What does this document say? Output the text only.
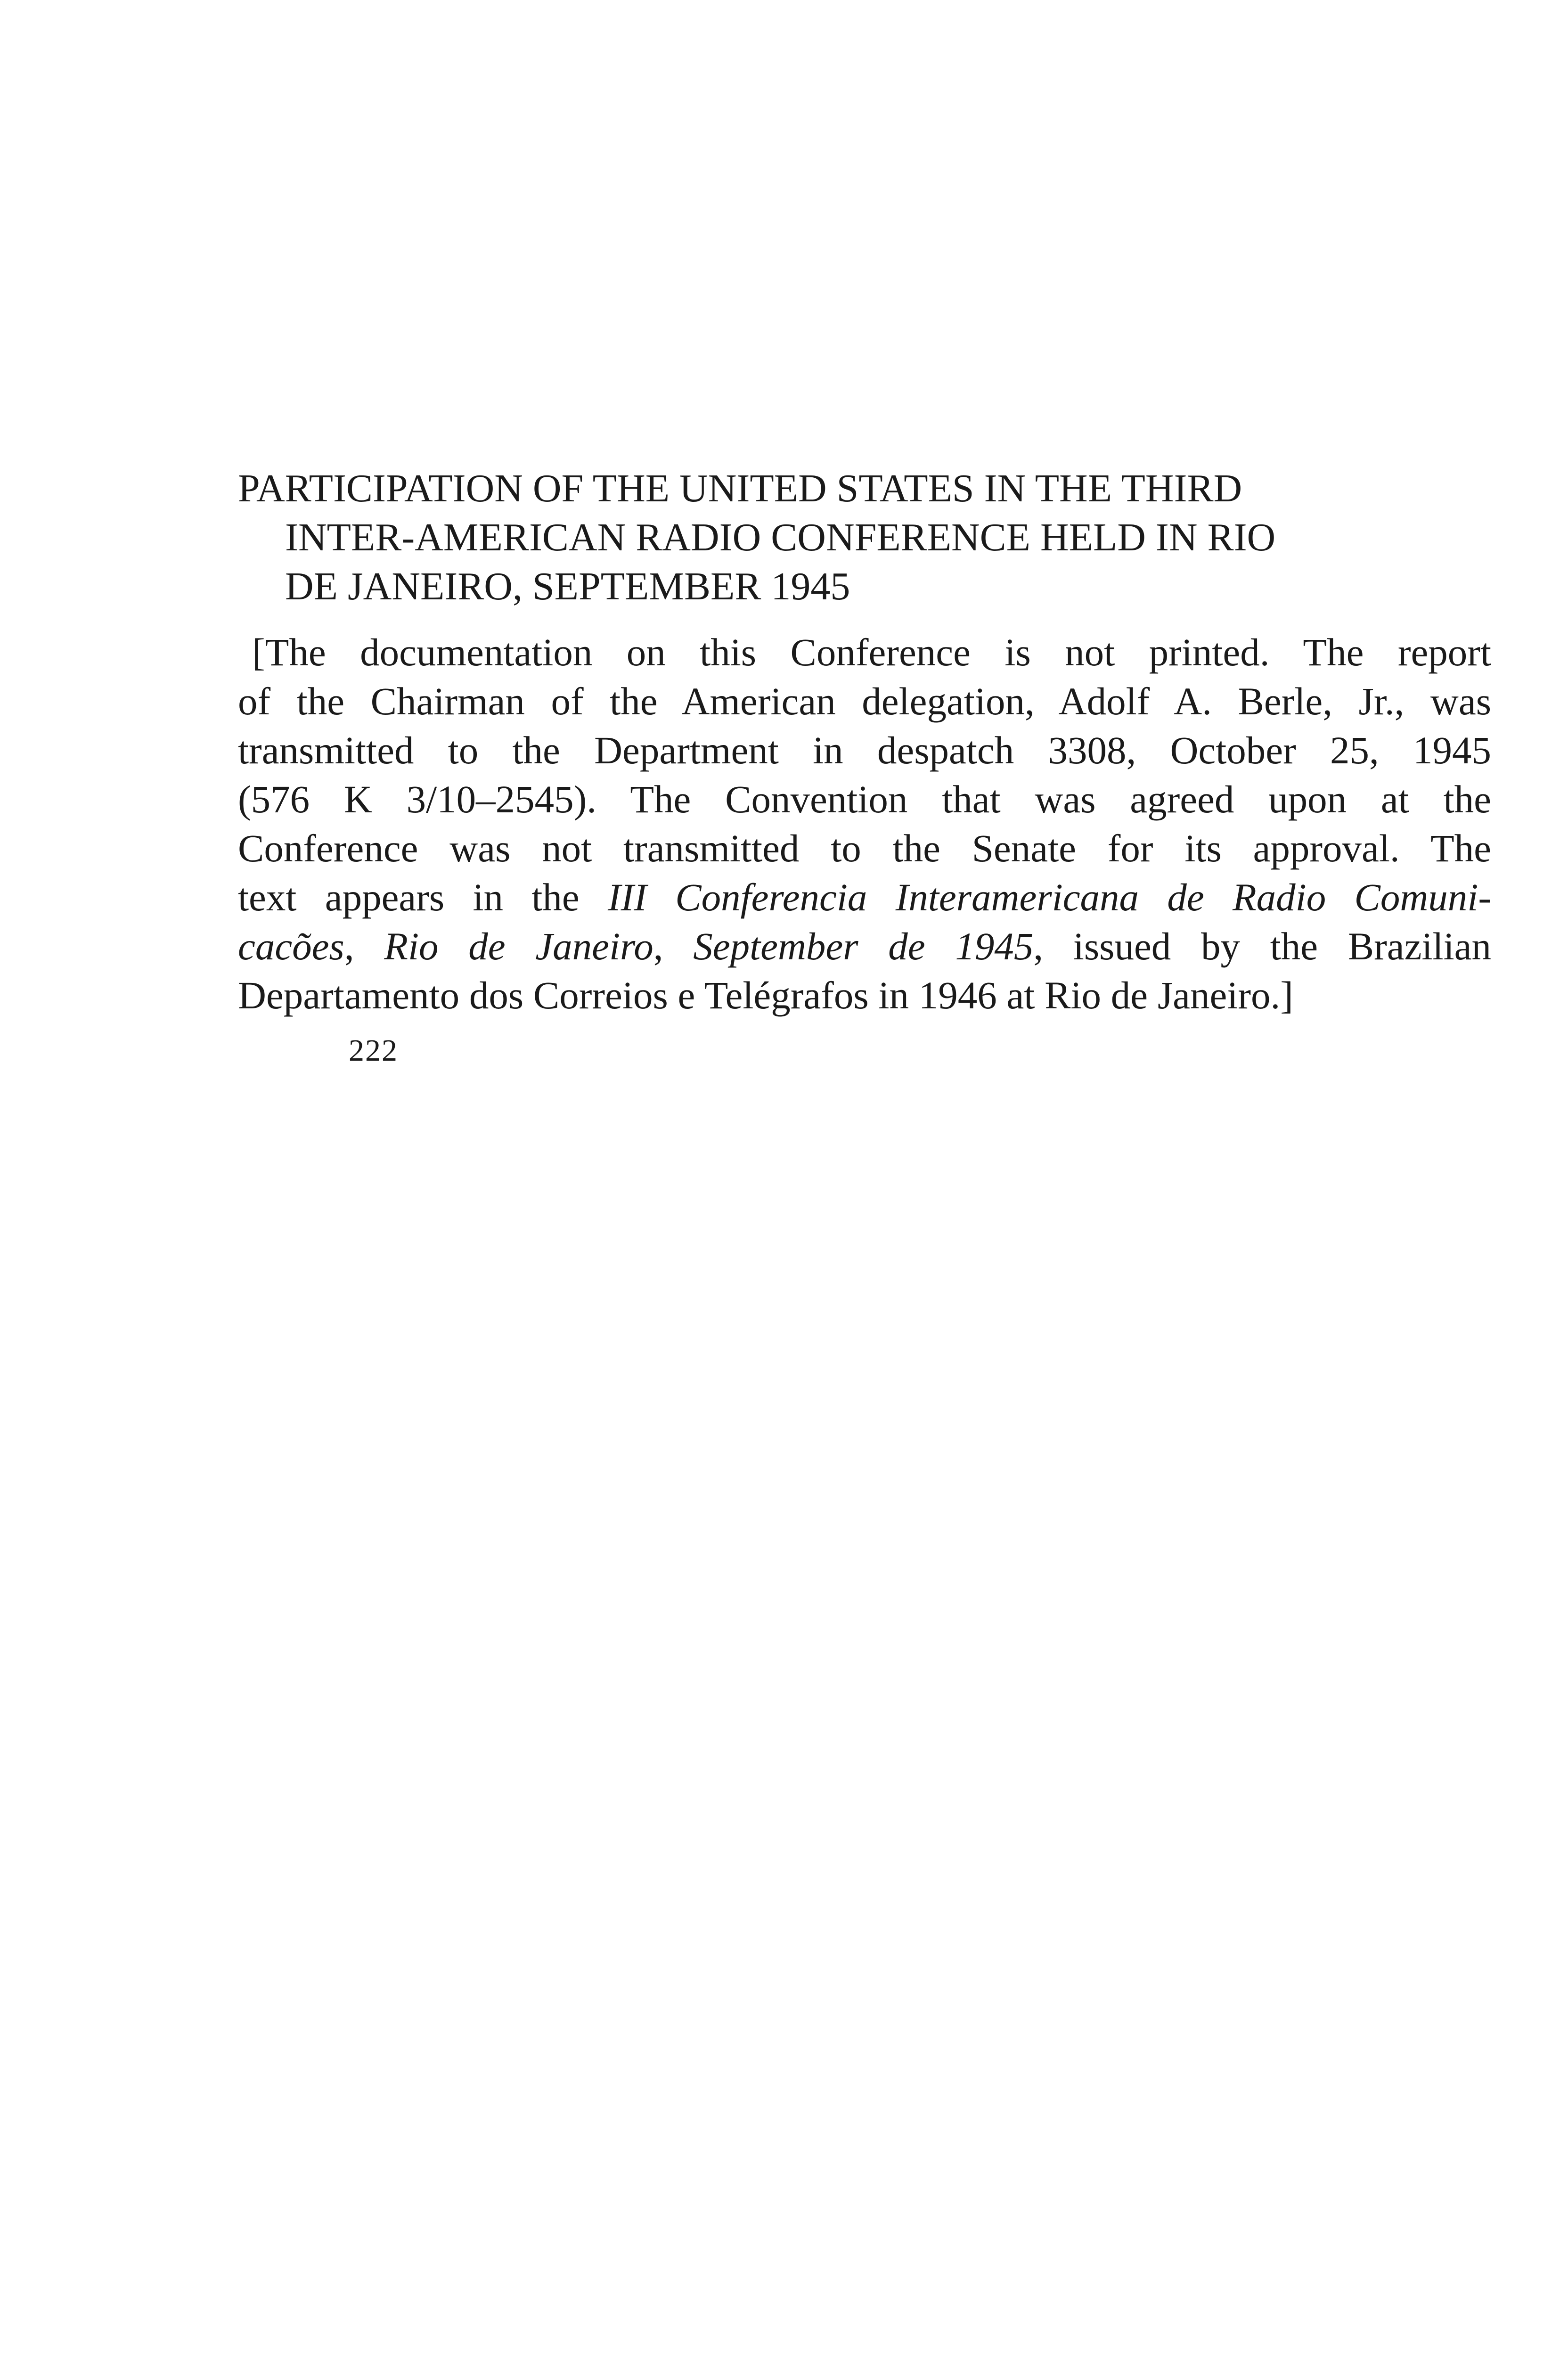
PARTICIPATION OF THE UNITED STATES IN THE THIRD
INTER-AMERICAN RADIO CONFERENCE HELD IN RIO
DE JANEIRO, SEPTEMBER 1945

[The documentation on this Conference is not printed. The report
of the Chairman of the American delegation, Adolf A. Berle, Jr., was
transmitted to the Department in despatch 3308, October 25, 1945
(576 K 3/10–2545). The Convention that was agreed upon at the
Conference was not transmitted to the Senate for its approval. The
text appears in the III Conferencia Interamericana de Radio Comuni-
cacões, Rio de Janeiro, September de 1945, issued by the Brazilian
Departamento dos Correios e Telégrafos in 1946 at Rio de Janeiro.]

222
